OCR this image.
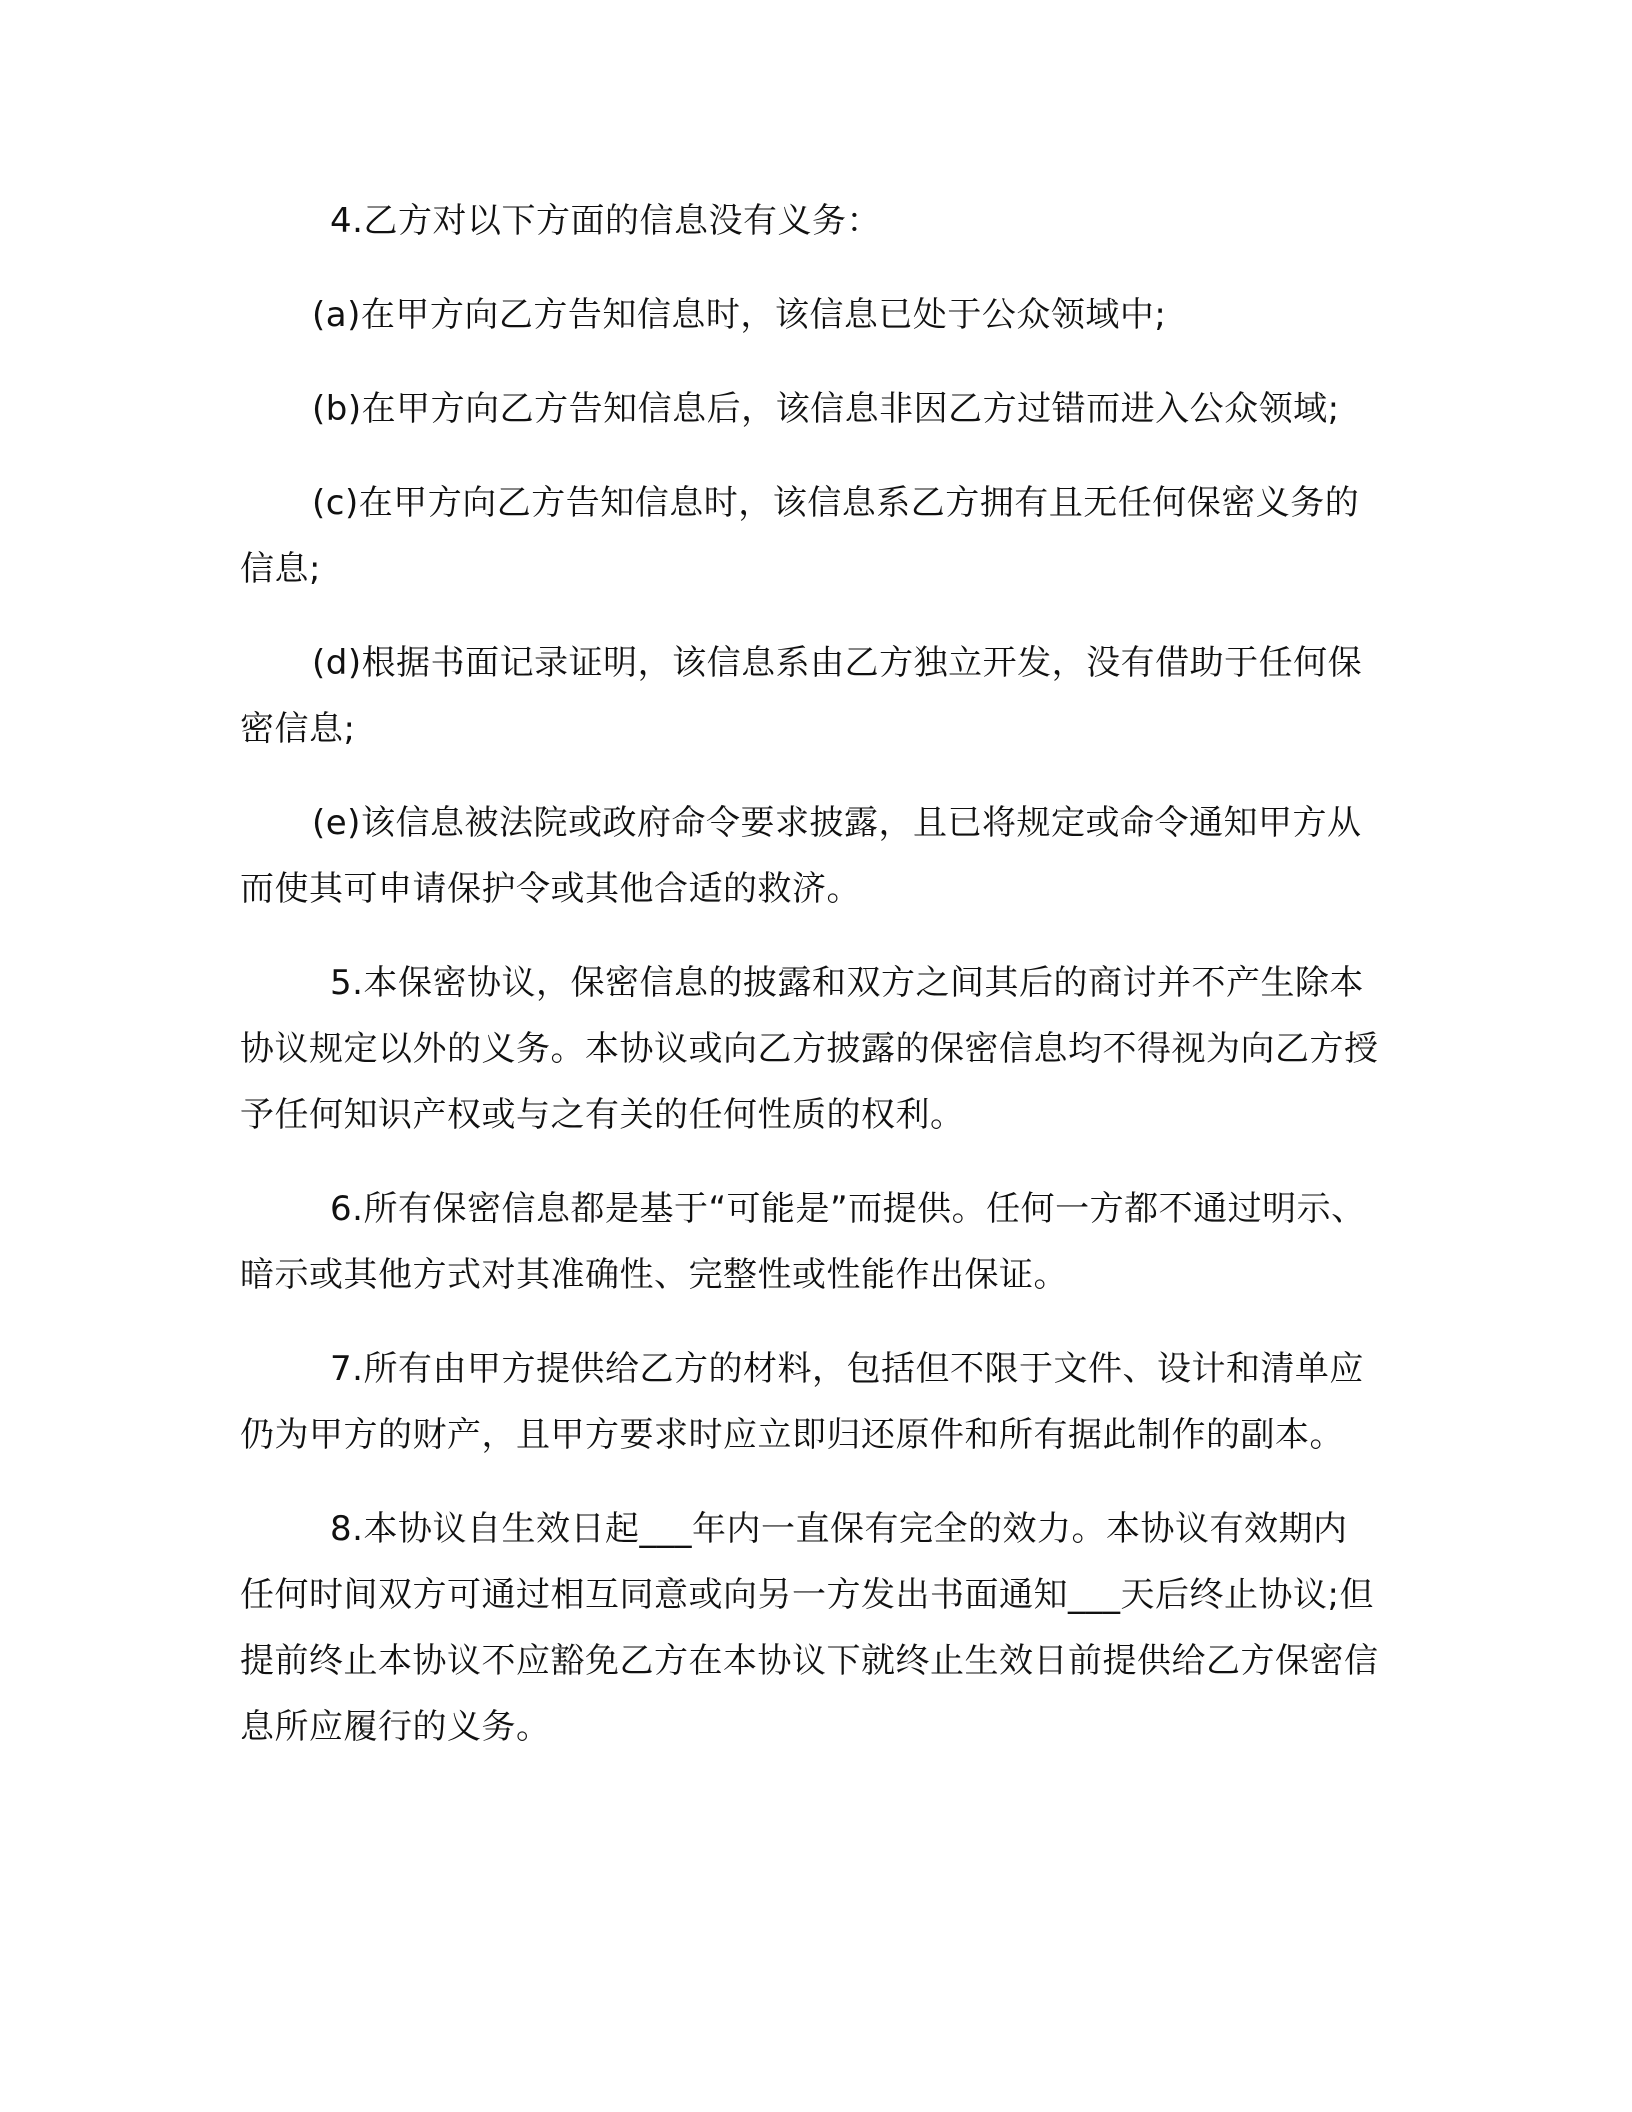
4.乙方对以下方面的信息没有义务：

(a)在甲方向乙方告知信息时，该信息已处于公众领域中;

(b)在甲方向乙方告知信息后，该信息非因乙方过错而进入公众领域;

(c)在甲方向乙方告知信息时，该信息系乙方拥有且无任何保密义务的信息;

(d)根据书面记录证明，该信息系由乙方独立开发，没有借助于任何保密信息;

(e)该信息被法院或政府命令要求披露，且已将规定或命令通知甲方从而使其可申请保护令或其他合适的救济。

5.本保密协议，保密信息的披露和双方之间其后的商讨并不产生除本协议规定以外的义务。本协议或向乙方披露的保密信息均不得视为向乙方授予任何知识产权或与之有关的任何性质的权利。

6.所有保密信息都是基于“可能是”而提供。任何一方都不通过明示、暗示或其他方式对其准确性、完整性或性能作出保证。

7.所有由甲方提供给乙方的材料，包括但不限于文件、设计和清单应仍为甲方的财产，且甲方要求时应立即归还原件和所有据此制作的副本。

8.本协议自生效日起___年内一直保有完全的效力。本协议有效期内任何时间双方可通过相互同意或向另一方发出书面通知___天后终止协议;但提前终止本协议不应豁免乙方在本协议下就终止生效日前提供给乙方保密信息所应履行的义务。
